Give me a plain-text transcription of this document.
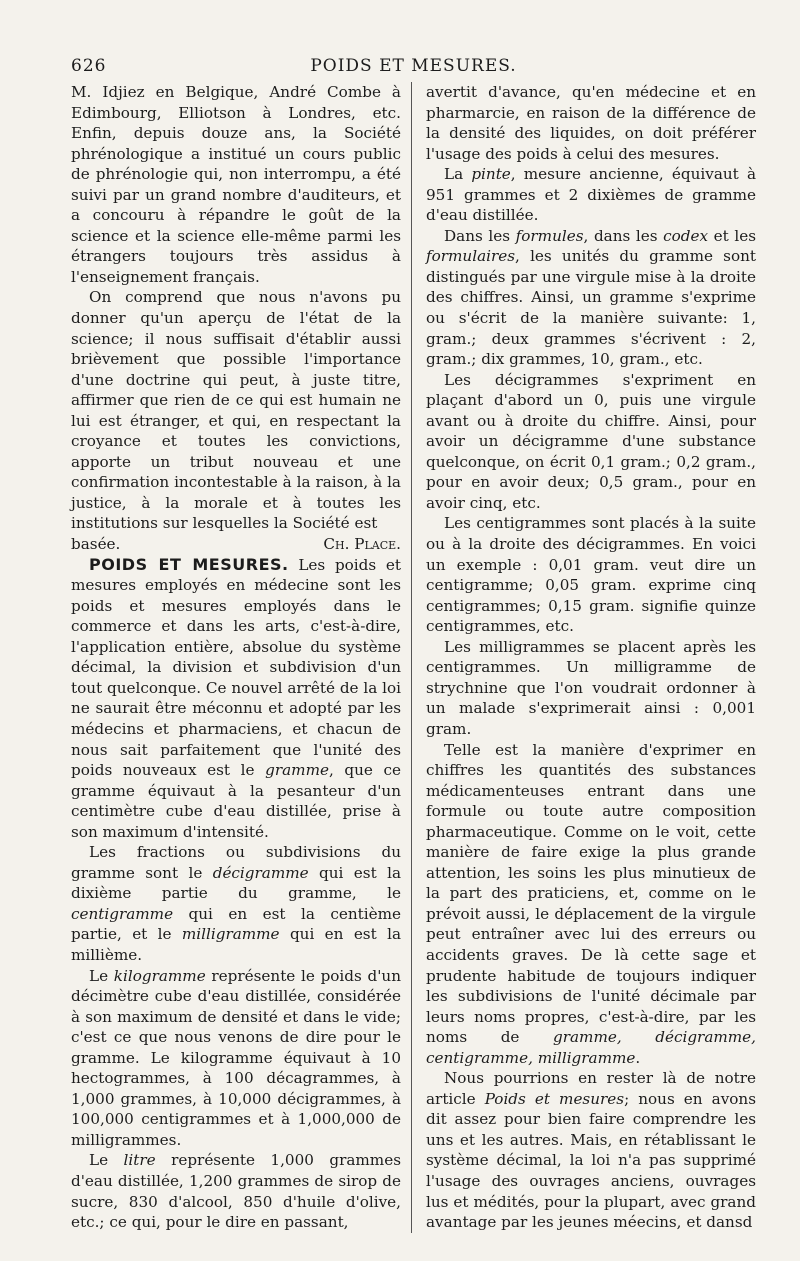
626	POIDS ET MESURES.

M. Idjiez en Belgique, André Combe à Edimbourg, Elliotson à Londres, etc. Enfin, depuis douze ans, la Société phrénologique a institué un cours public de phrénologie qui, non interrompu, a été suivi par un grand nombre d'auditeurs, et a concouru à répandre le goût de la science et la science elle-même parmi les étrangers toujours très assidus à l'enseignement français.

On comprend que nous n'avons pu donner qu'un aperçu de l'état de la science; il nous suffisait d'établir aussi brièvement que possible l'importance d'une doctrine qui peut, à juste titre, affirmer que rien de ce qui est humain ne lui est étranger, et qui, en respectant la croyance et toutes les convictions, apporte un tribut nouveau et une confirmation incontestable à la raison, à la justice, à la morale et à toutes les institutions sur lesquelles la Société est

basée.	Ch. Place.

POIDS ET MESURES. Les poids et mesures employés en médecine sont les poids et mesures employés dans le commerce et dans les arts, c'est-à-dire, l'application entière, absolue du système décimal, la division et subdivision d'un tout quelconque. Ce nouvel arrêté de la loi ne saurait être méconnu et adopté par les médecins et pharmaciens, et chacun de nous sait parfaitement que l'unité des poids nouveaux est le gramme, que ce gramme équivaut à la pesanteur d'un centimètre cube d'eau distillée, prise à son maximum d'intensité.

Les fractions ou subdivisions du gramme sont le décigramme qui est la dixième partie du gramme, le centigramme qui en est la centième partie, et le milligramme qui en est la millième.

Le kilogramme représente le poids d'un décimètre cube d'eau distillée, considérée à son maximum de densité et dans le vide; c'est ce que nous venons de dire pour le gramme. Le kilogramme équivaut à 10 hectogrammes, à 100 décagrammes, à 1,000 grammes, à 10,000 décigrammes, à 100,000 centigrammes et à 1,000,000 de milligrammes.

Le litre représente 1,000 grammes d'eau distillée, 1,200 grammes de sirop de sucre, 830 d'alcool, 850 d'huile d'olive, etc.; ce qui, pour le dire en passant,

avertit d'avance, qu'en médecine et en pharmarcie, en raison de la différence de la densité des liquides, on doit préférer l'usage des poids à celui des mesures.

La pinte, mesure ancienne, équivaut à 951 grammes et 2 dixièmes de gramme d'eau distillée.

Dans les formules, dans les codex et les formulaires, les unités du gramme sont distingués par une virgule mise à la droite des chiffres. Ainsi, un gramme s'exprime ou s'écrit de la manière suivante: 1, gram.; deux grammes s'écrivent : 2, gram.; dix grammes, 10, gram., etc.

Les décigrammes s'expriment en plaçant d'abord un 0, puis une virgule avant ou à droite du chiffre. Ainsi, pour avoir un décigramme d'une substance quelconque, on écrit 0,1 gram.; 0,2 gram., pour en avoir deux; 0,5 gram., pour en avoir cinq, etc.

Les centigrammes sont placés à la suite ou à la droite des décigrammes. En voici un exemple : 0,01 gram. veut dire un centigramme; 0,05 gram. exprime cinq centigrammes; 0,15 gram. signifie quinze centigrammes, etc.

Les milligrammes se placent après les centigrammes. Un milligramme de strychnine que l'on voudrait ordonner à un malade s'exprimerait ainsi : 0,001 gram.

Telle est la manière d'exprimer en chiffres les quantités des substances médicamenteuses entrant dans une formule ou toute autre composition pharmaceutique. Comme on le voit, cette manière de faire exige la plus grande attention, les soins les plus minutieux de la part des praticiens, et, comme on le prévoit aussi, le déplacement de la virgule peut entraîner avec lui des erreurs ou accidents graves. De là cette sage et prudente habitude de toujours indiquer les subdivisions de l'unité décimale par leurs noms propres, c'est-à-dire, par les noms de gramme, décigramme, centigramme, milligramme.

Nous pourrions en rester là de notre article Poids et mesures; nous en avons dit assez pour bien faire comprendre les uns et les autres. Mais, en rétablissant le système décimal, la loi n'a pas supprimé l'usage des ouvrages anciens, ouvrages lus et médités, pour la plupart, avec grand avantage par les jeunes méecins, et dansd
